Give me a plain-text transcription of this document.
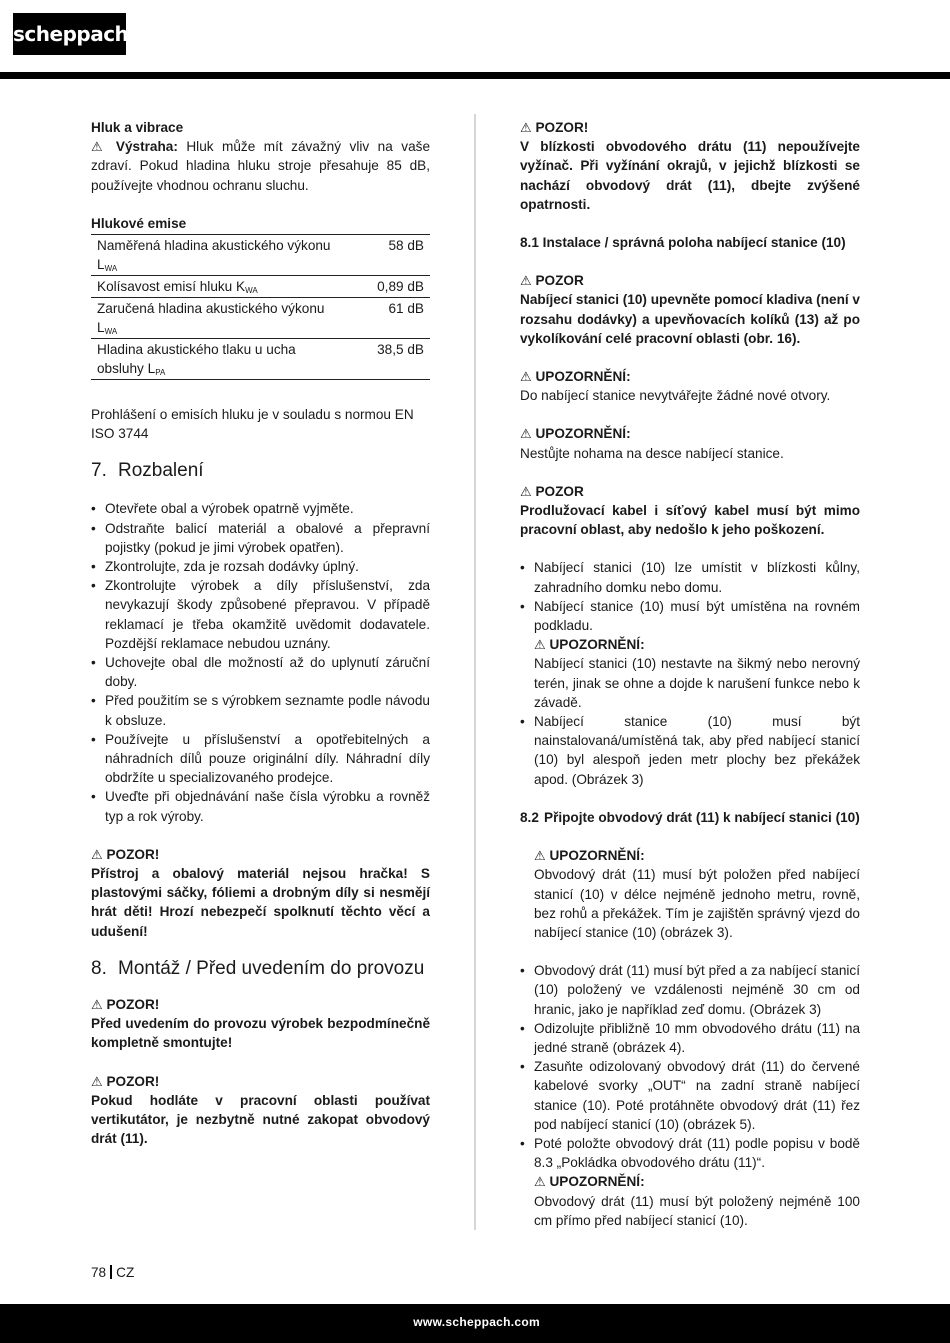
scheppach

Hluk a vibrace

⚠ Výstraha: Hluk může mít závažný vliv na vaše zdraví. Pokud hladina hluku stroje přesahuje 85 dB, používejte vhodnou ochranu sluchu.

Hlukové emise

Naměřená hladina akustického výkonu $L_{WA}$	58 dB
Kolísavost emisí hluku $K_{WA}$	0,89 dB
Zaručená hladina akustického výkonu $L_{WA}$	61 dB
Hladina akustického tlaku u ucha obsluhy $L_{PA}$	38,5 dB

Prohlášení o emisích hluku je v souladu s normou EN ISO 3744

7. Rozbalení
• Otevřete obal a výrobek opatrně vyjměte.
• Odstraňte balicí materiál a obalové a přepravní pojistky (pokud je jimi výrobek opatřen).
• Zkontrolujte, zda je rozsah dodávky úplný.
• Zkontrolujte výrobek a díly příslušenství, zda nevykazují škody způsobené přepravou. V případě reklamací je třeba okamžitě uvědomit dodavatele. Pozdější reklamace nebudou uznány.
• Uchovejte obal dle možností až do uplynutí záruční doby.
• Před použitím se s výrobkem seznamte podle návodu k obsluze.
• Používejte u příslušenství a opotřebitelných a náhradních dílů pouze originální díly. Náhradní díly obdržíte u specializovaného prodejce.
• Uveďte při objednávání naše čísla výrobku a rovněž typ a rok výroby.

⚠ POZOR!

Přístroj a obalový materiál nejsou hračka! S plastovými sáčky, fóliemi a drobným díly si nesmějí hrát děti! Hrozí nebezpečí spolknutí těchto věcí a udušení!

8. Montáž / Před uvedením do provozu

⚠ POZOR!

Před uvedením do provozu výrobek bezpodmínečně kompletně smontujte!

⚠ POZOR!

Pokud hodláte v pracovní oblasti používat vertikutátor, je nezbytně nutné zakopat obvodový drát (11).

⚠ POZOR!

V blízkosti obvodového drátu (11) nepoužívejte vyžínač. Při vyžínání okrajů, v jejichž blízkosti se nachází obvodový drát (11), dbejte zvýšené opatrnosti.

8.1 Instalace / správná poloha nabíjecí stanice (10)

⚠ POZOR

Nabíjecí stanici (10) upevněte pomocí kladiva (není v rozsahu dodávky) a upevňovacích kolíků (13) až po vykolíkování celé pracovní oblasti (obr. 16).

⚠ UPOZORNĚNÍ:

Do nabíjecí stanice nevytvářejte žádné nové otvory.

⚠ UPOZORNĚNÍ:

Nestůjte nohama na desce nabíjecí stanice.

⚠ POZOR

Prodlužovací kabel i síťový kabel musí být mimo pracovní oblast, aby nedošlo k jeho poškození.

• Nabíjecí stanici (10) lze umístit v blízkosti kůlny, zahradního domku nebo domu.
• Nabíjecí stanice (10) musí být umístěna na rovném podkladu.

⚠ UPOZORNĚNÍ:

Nabíjecí stanici (10) nestavte na šikmý nebo nerovný terén, jinak se ohne a dojde k narušení funkce nebo k závadě.

• Nabíjecí stanice (10) musí být nainstalovaná/umístěná tak, aby před nabíjecí stanicí (10) byl alespoň jeden metr plochy bez překážek apod. (Obrázek 3)

8.2 Připojte obvodový drát (11) k nabíjecí stanici (10)

⚠ UPOZORNĚNÍ:

Obvodový drát (11) musí být položen před nabíjecí stanicí (10) v délce nejméně jednoho metru, rovně, bez rohů a překážek. Tím je zajištěn správný vjezd do nabíjecí stanice (10) (obrázek 3).

• Obvodový drát (11) musí být před a za nabíjecí stanicí (10) položený ve vzdálenosti nejméně 30 cm od hranic, jako je například zeď domu. (Obrázek 3)
• Odizolujte přibližně 10 mm obvodového drátu (11) na jedné straně (obrázek 4).
• Zasuňte odizolovaný obvodový drát (11) do červené kabelové svorky „OUT“ na zadní straně nabíjecí stanice (10). Poté protáhněte obvodový drát (11) řez pod nabíjecí stanicí (10) (obrázek 5).
• Poté položte obvodový drát (11) podle popisu v bodě 8.3 „Pokládka obvodového drátu (11)“.

⚠ UPOZORNĚNÍ:

Obvodový drát (11) musí být položený nejméně 100 cm přímo před nabíjecí stanicí (10).

78 CZ
www.scheppach.com
